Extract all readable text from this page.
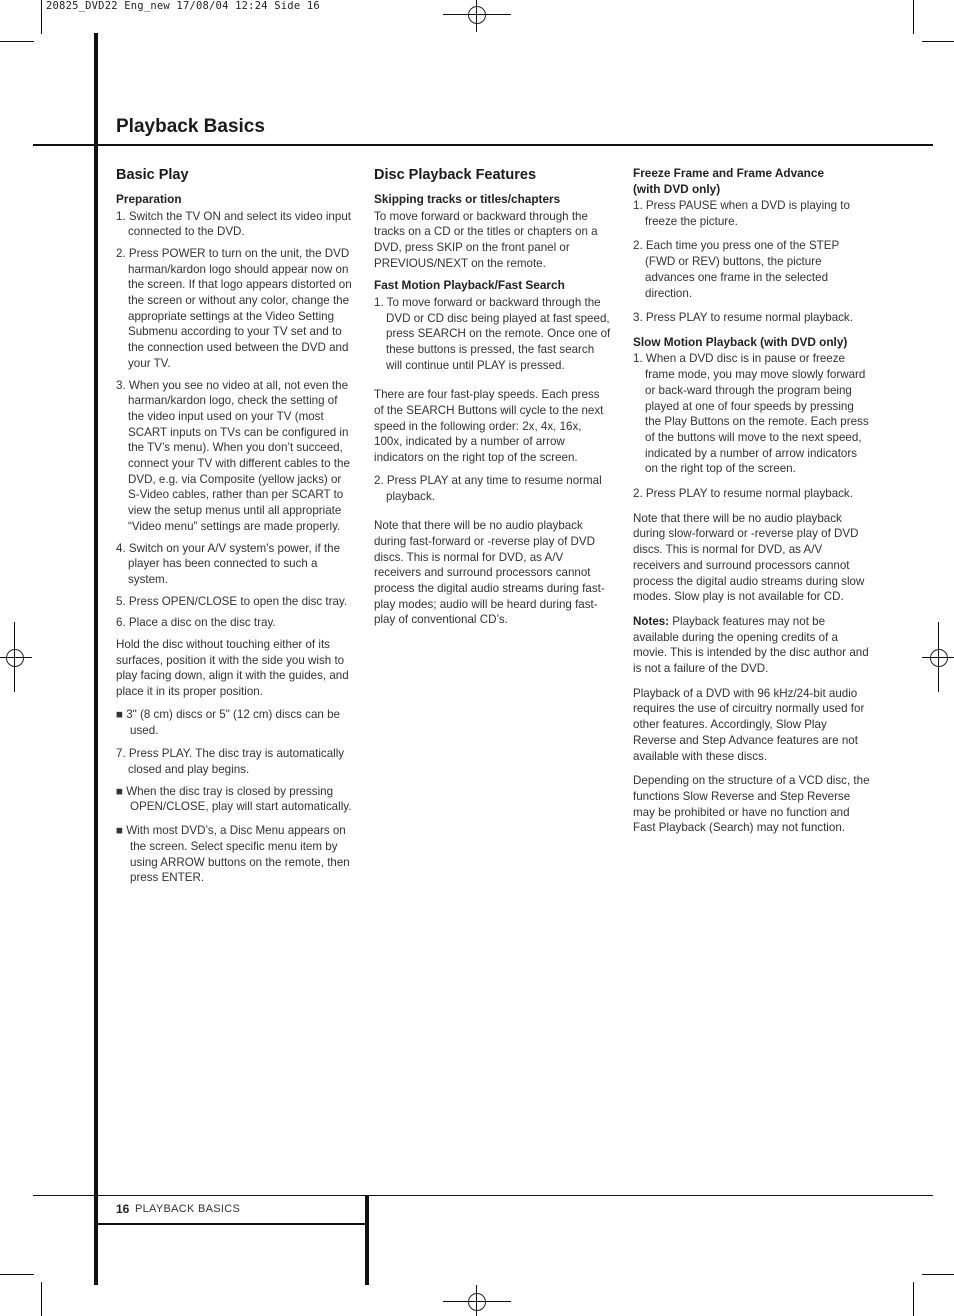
20825_DVD22 Eng_new 17/08/04 12:24 Side 16
Playback Basics
Basic Play
Preparation
1. Switch the TV ON and select its video input connected to the DVD.
2. Press POWER to turn on the unit, the DVD harman/kardon logo should appear now on the screen. If that logo appears distorted on the screen or without any color, change the appropriate settings at the Video Setting Submenu according to your TV set and to the connection used between the DVD and your TV.
3. When you see no video at all, not even the harman/kardon logo, check the setting of the video input used on your TV (most SCART inputs on TVs can be configured in the TV’s menu). When you don’t succeed, connect your TV with different cables to the DVD, e.g. via Composite (yellow jacks) or S-Video cables, rather than per SCART to view the setup menus until all appropriate “Video menu” settings are made properly.
4. Switch on your A/V system’s power, if the player has been connected to such a system.
5. Press OPEN/CLOSE to open the disc tray.
6. Place a disc on the disc tray.

Hold the disc without touching either of its surfaces, position it with the side you wish to play facing down, align it with the guides, and place it in its proper position.

■ 3" (8 cm) discs or 5" (12 cm) discs can be used.
7. Press PLAY. The disc tray is automatically closed and play begins.
■ When the disc tray is closed by pressing OPEN/CLOSE, play will start automatically.
■ With most DVD’s, a Disc Menu appears on the screen. Select specific menu item by using ARROW buttons on the remote, then press ENTER.
Disc Playback Features
Skipping tracks or titles/chapters

To move forward or backward through the tracks on a CD or the titles or chapters on a DVD, press SKIP on the front panel or PREVIOUS/NEXT on the remote.

Fast Motion Playback/Fast Search
1. To move forward or backward through the DVD or CD disc being played at fast speed, press SEARCH on the remote. Once one of these buttons is pressed, the fast search will continue until PLAY is pressed.

There are four fast-play speeds. Each press of the SEARCH Buttons will cycle to the next speed in the following order: 2x, 4x, 16x, 100x, indicated by a number of arrow indicators on the right top of the screen.

2. Press PLAY at any time to resume normal playback.

Note that there will be no audio playback during fast-forward or -reverse play of DVD discs. This is normal for DVD, as A/V receivers and surround processors cannot process the digital audio streams during fast-play modes; audio will be heard during fast-play of conventional CD’s.

Freeze Frame and Frame Advance
(with DVD only)
1. Press PAUSE when a DVD is playing to freeze the picture.
2. Each time you press one of the STEP (FWD or REV) buttons, the picture advances one frame in the selected direction.
3. Press PLAY to resume normal playback.
Slow Motion Playback (with DVD only)
1. When a DVD disc is in pause or freeze frame mode, you may move slowly forward or back-ward through the program being played at one of four speeds by pressing the Play Buttons on the remote. Each press of the buttons will move to the next speed, indicated by a number of arrow indicators on the right top of the screen.
2. Press PLAY to resume normal playback.

Note that there will be no audio playback during slow-forward or -reverse play of DVD discs. This is normal for DVD, as A/V receivers and surround processors cannot process the digital audio streams during slow modes. Slow play is not available for CD.

Notes: Playback features may not be available during the opening credits of a movie. This is intended by the disc author and is not a failure of the DVD.

Playback of a DVD with 96 kHz/24-bit audio requires the use of circuitry normally used for other features. Accordingly, Slow Play Reverse and Step Advance features are not available with these discs.

Depending on the structure of a VCD disc, the functions Slow Reverse and Step Reverse may be prohibited or have no function and Fast Playback (Search) may not function.

16 PLAYBACK BASICS
